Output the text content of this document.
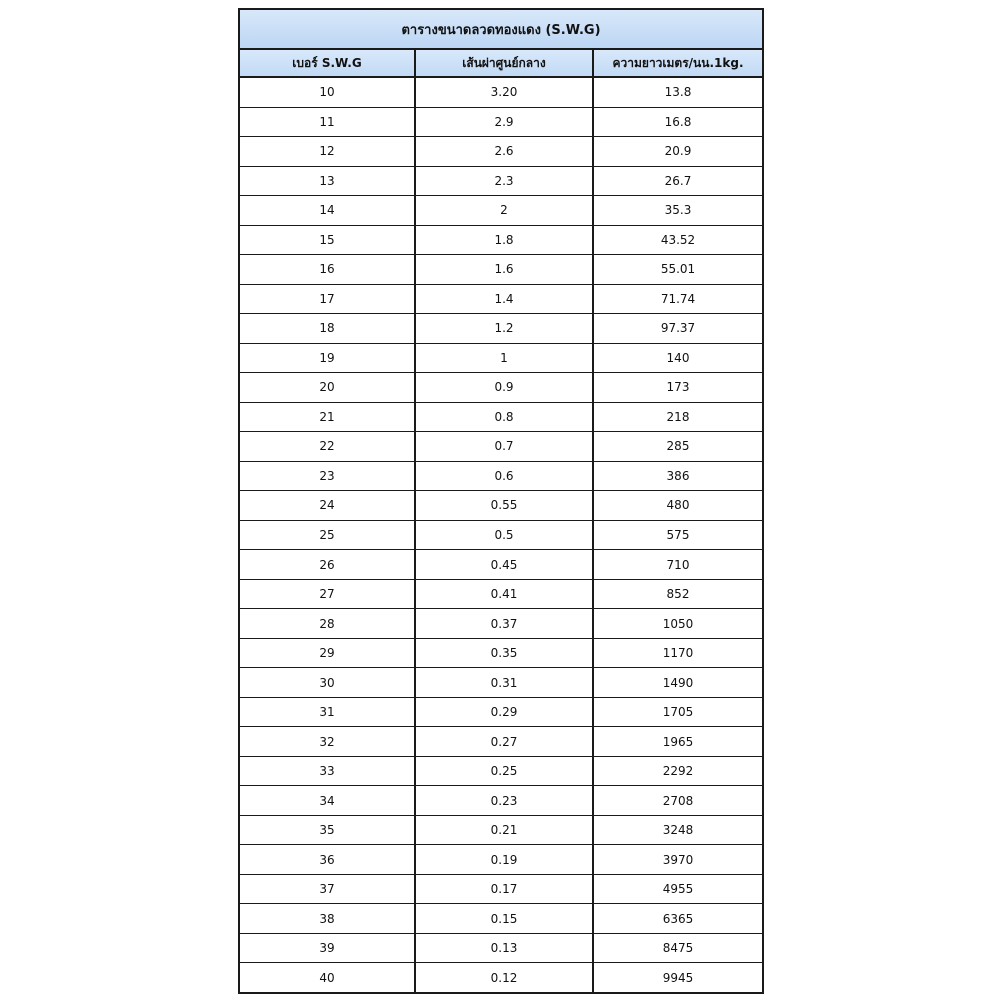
ตารางขนาดลวดทองแดง (S.W.G)
เบอร์ S.W.G	เส้นผ่าศูนย์กลาง	ความยาวเมตร/นน.1kg.
10	3.20	13.8
11	2.9	16.8
12	2.6	20.9
13	2.3	26.7
14	2	35.3
15	1.8	43.52
16	1.6	55.01
17	1.4	71.74
18	1.2	97.37
19	1	140
20	0.9	173
21	0.8	218
22	0.7	285
23	0.6	386
24	0.55	480
25	0.5	575
26	0.45	710
27	0.41	852
28	0.37	1050
29	0.35	1170
30	0.31	1490
31	0.29	1705
32	0.27	1965
33	0.25	2292
34	0.23	2708
35	0.21	3248
36	0.19	3970
37	0.17	4955
38	0.15	6365
39	0.13	8475
40	0.12	9945
